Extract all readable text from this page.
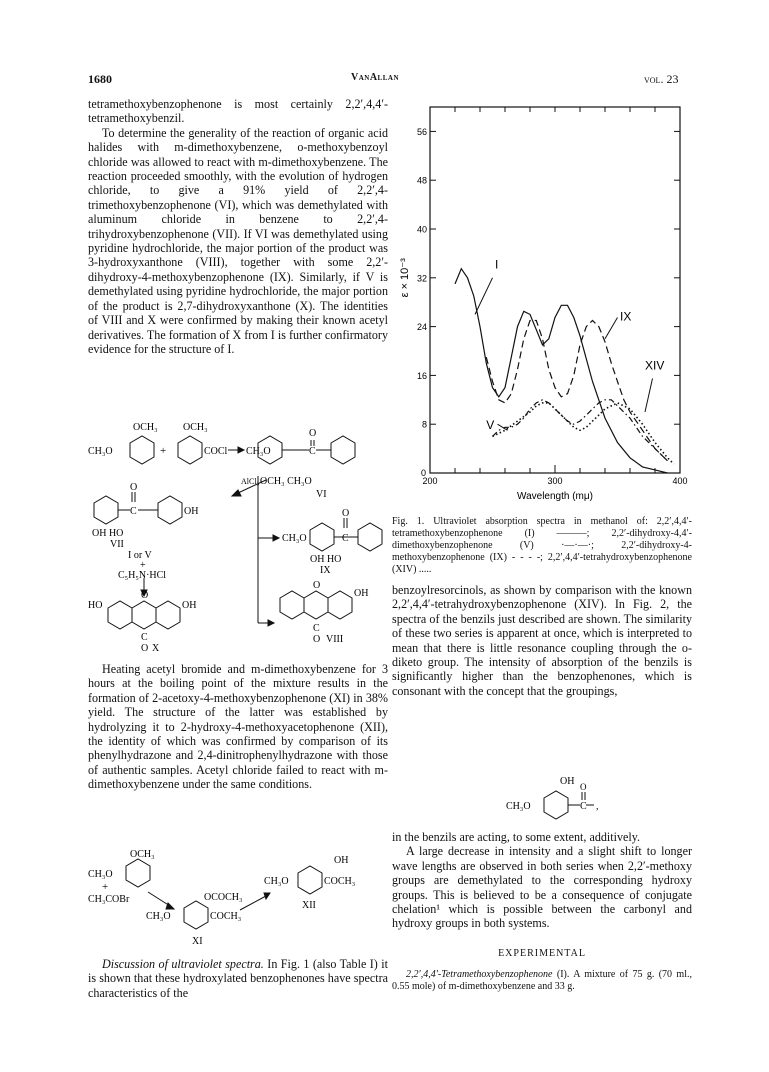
1680	VanAllan	vol. 23

tetramethoxybenzophenone is most certainly 2,2′,4,4′-tetramethoxybenzil.

To determine the generality of the reaction of organic acid halides with m-dimethoxybenzene, o-methoxybenzoyl chloride was allowed to react with m-dimethoxybenzene. The reaction proceeded smoothly, with the evolution of hydrogen chloride, to give a 91% yield of 2,2′,4-trimethoxybenzophenone (VI), which was demethylated with aluminum chloride in benzene to 2,2′,4-trihydroxybenzophenone (VII). If VI was demethylated using pyridine hydrochloride, the major portion of the product was 3-hydroxyxanthone (VIII), together with some 2,2′-dihydroxy-4-methoxybenzophenone (IX). Similarly, if V is demethylated using pyridine hydrochloride, the major portion of the product is 2,7-dihydroxyxanthone (X). The identities of VIII and X were confirmed by making their known acetyl derivatives. The formation of X from I is further confirmatory evidence for the structure of I.

OCH₃	OCH₃
CH₃O	+	COCl CH₃O
O
C
AlCl₃ OCH₃ CH₃O
VI
O
C	OH
OH HO
VII
I or V
+
C₅H₅N·HCl
CH₃O
O
C
OH HO
IX
HO
O
OH
C
O X
O
OH
C
O VIII

Heating acetyl bromide and m-dimethoxybenzene for 3 hours at the boiling point of the mixture results in the formation of 2-acetoxy-4-methoxybenzophenone (XI) in 38% yield. The structure of the latter was established by hydrolyzing it to 2-hydroxy-4-methoxyacetophenone (XII), the identity of which was confirmed by comparison of its phenylhydrazone and 2,4-dinitrophenylhydrazone with those of authentic samples. Acetyl chloride failed to react with m-dimethoxybenzene under the same conditions.

OCH₃
CH₃O
+
CH₃COBr	OCOCH₃
CH₃O	COCH₃
XI
OH
CH₃O	COCH₃
XII

Discussion of ultraviolet spectra. In Fig. 1 (also Table I) it is shown that these hydroxylated benzophenones have spectra characteristics of the

8
16
24
32
40
48
56
0
200	300	400
I
IX
XIV
V
ε × 10⁻³
Wavelength (mμ)
Fig. 1. Ultraviolet absorption spectra in methanol of: 2,2′,4,4′-tetramethoxybenzophenone (I) ———; 2,2′-dihydroxy-4,4′-dimethoxybenzophenone (V) ·—·—·; 2,2′-dihydroxy-4-methoxybenzophenone (IX) - - - -; 2,2′,4,4′-tetrahydroxybenzophenone (XIV) .....

benzoylresorcinols, as shown by comparison with the known 2,2′,4,4′-tetrahydroxybenzophenone (XIV). In Fig. 2, the spectra of the benzils just described are shown. The similarity of these two series is apparent at once, which is interpreted to mean that there is little resonance coupling through the o-diketo group. The intensity of absorption of the benzils is significantly higher than the benzophenones, which is consonant with the concept that the groupings,

OH O
CH₃O	C ,

in the benzils are acting, to some extent, additively.

A large decrease in intensity and a slight shift to longer wave lengths are observed in both series when 2,2′-methoxy groups are demethylated to the corresponding hydroxy groups. This is believed to be a consequence of conjugate chelation¹ which is possible between the carbonyl and hydroxy groups in both systems.

EXPERIMENTAL

2,2′,4,4′-Tetramethoxybenzophenone (I). A mixture of 75 g. (70 ml., 0.55 mole) of m-dimethoxybenzene and 33 g.
